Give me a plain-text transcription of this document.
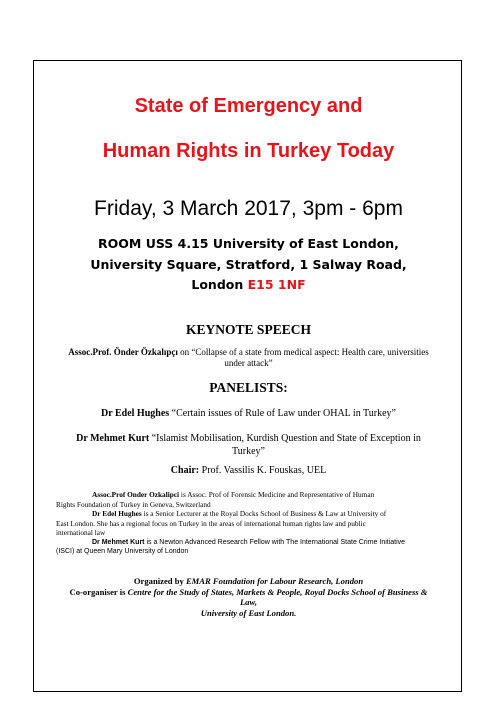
State of Emergency and
Human Rights in Turkey Today
Friday, 3 March 2017, 3pm - 6pm
ROOM USS 4.15 University of East London,
University Square, Stratford, 1 Salway Road,
London E15 1NF
KEYNOTE SPEECH
Assoc.Prof. Önder Özkalıpçı on “Collapse of a state from medical aspect: Health care, universities
under attack”
PANELISTS:
Dr Edel Hughes “Certain issues of Rule of Law under OHAL in Turkey”
Dr Mehmet Kurt “Islamist Mobilisation, Kurdish Question and State of Exception in
Turkey”
Chair: Prof. Vassilis K. Fouskas, UEL
Assoc.Prof Onder Ozkalipci is Assoc. Prof of Forensic Medicine and Representative of Human
Rights Foundation of Turkey in Geneva, Switzerland
Dr Edel Hughes is a Senior Lecturer at the Royal Docks School of Business & Law at University of
East London. She has a regional focus on Turkey in the areas of international human rights law and public
international law
Dr Mehmet Kurt is a Newton Advanced Research Fellow with The International State Crime Initiative
(ISCI) at Queen Mary University of London
Organized by EMAR Foundation for Labour Research, London
Co-organiser is Centre for the Study of States, Markets & People, Royal Docks School of Business & Law,
University of East London.
